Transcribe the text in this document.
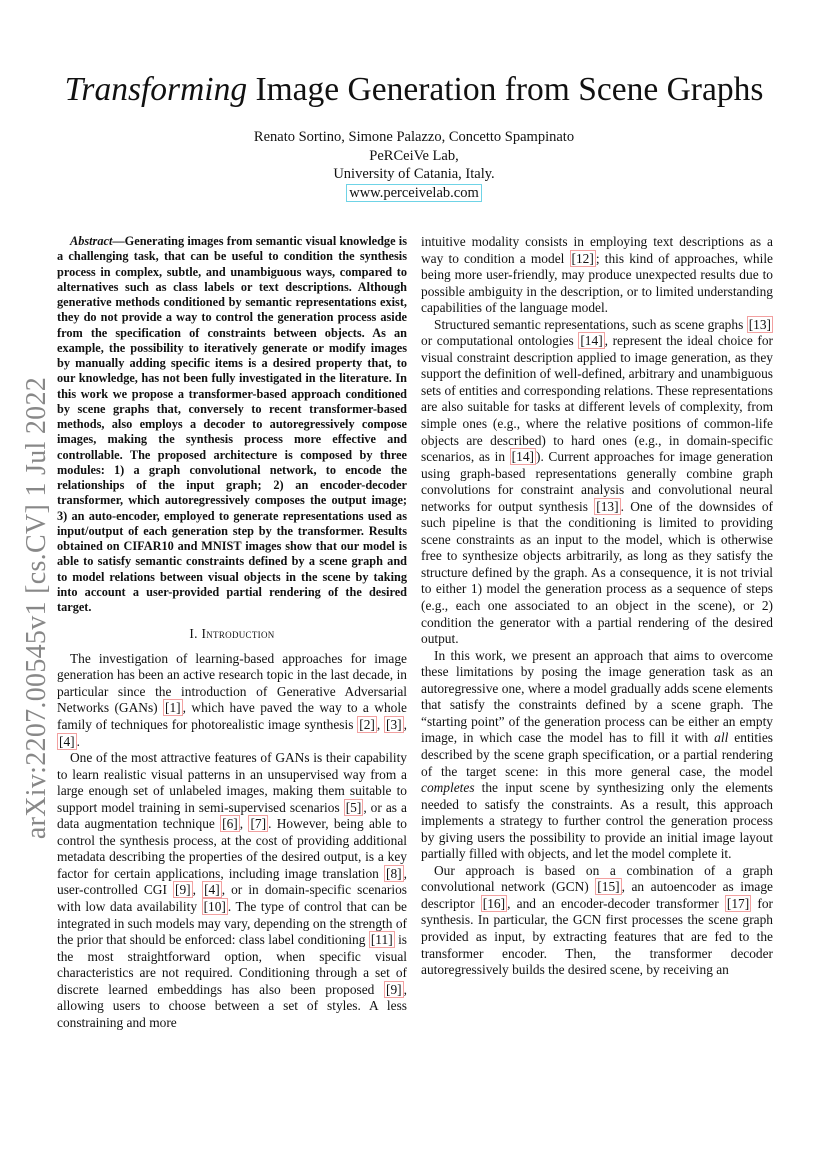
arXiv:2207.00545v1 [cs.CV] 1 Jul 2022
Transforming Image Generation from Scene Graphs
Renato Sortino, Simone Palazzo, Concetto Spampinato
PeRCeiVe Lab,
University of Catania, Italy.
www.perceivelab.com

Abstract—Generating images from semantic visual knowledge is a challenging task, that can be useful to condition the synthesis process in complex, subtle, and unambiguous ways, compared to alternatives such as class labels or text descriptions. Although generative methods conditioned by semantic representations exist, they do not provide a way to control the generation process aside from the specification of constraints between objects. As an example, the possibility to iteratively generate or modify images by manually adding specific items is a desired property that, to our knowledge, has not been fully investigated in the literature. In this work we propose a transformer-based approach conditioned by scene graphs that, conversely to recent transformer-based methods, also employs a decoder to autoregressively compose images, making the synthesis process more effective and controllable. The proposed architecture is composed by three modules: 1) a graph convolutional network, to encode the relationships of the input graph; 2) an encoder-decoder transformer, which autoregressively composes the output image; 3) an auto-encoder, employed to generate representations used as input/output of each generation step by the transformer. Results obtained on CIFAR10 and MNIST images show that our model is able to satisfy semantic constraints defined by a scene graph and to model relations between visual objects in the scene by taking into account a user-provided partial rendering of the desired target.

I. Introduction

The investigation of learning-based approaches for image generation has been an active research topic in the last decade, in particular since the introduction of Generative Adversarial Networks (GANs) [1] , which have paved the way to a whole family of techniques for photorealistic image synthesis [2] , [3] , [4] .

One of the most attractive features of GANs is their capability to learn realistic visual patterns in an unsupervised way from a large enough set of unlabeled images, making them suitable to support model training in semi-supervised scenarios [5] , or as a data augmentation technique [6] , [7] . However, being able to control the synthesis process, at the cost of providing additional metadata describing the properties of the desired output, is a key factor for certain applications, including image translation [8] , user-controlled CGI [9] , [4] , or in domain-specific scenarios with low data availability [10] . The type of control that can be integrated in such models may vary, depending on the strength of the prior that should be enforced: class label conditioning [11] is the most straightforward option, when specific visual characteristics are not required. Conditioning through a set of discrete learned embeddings has also been proposed [9] , allowing users to choose between a set of styles. A less constraining and more

intuitive modality consists in employing text descriptions as a way to condition a model [12] ; this kind of approaches, while being more user-friendly, may produce unexpected results due to possible ambiguity in the description, or to limited understanding capabilities of the language model.

Structured semantic representations, such as scene graphs [13] or computational ontologies [14] , represent the ideal choice for visual constraint description applied to image generation, as they support the definition of well-defined, arbitrary and unambiguous sets of entities and corresponding relations. These representations are also suitable for tasks at different levels of complexity, from simple ones (e.g., where the relative positions of common-life objects are described) to hard ones (e.g., in domain-specific scenarios, as in [14] ). Current approaches for image generation using graph-based representations generally combine graph convolutions for constraint analysis and convolutional neural networks for output synthesis [13] . One of the downsides of such pipeline is that the conditioning is limited to providing scene constraints as an input to the model, which is otherwise free to synthesize objects arbitrarily, as long as they satisfy the structure defined by the graph. As a consequence, it is not trivial to either 1) model the generation process as a sequence of steps (e.g., each one associated to an object in the scene), or 2) condition the generator with a partial rendering of the desired output.

In this work, we present an approach that aims to overcome these limitations by posing the image generation task as an autoregressive one, where a model gradually adds scene elements that satisfy the constraints defined by a scene graph. The “starting point” of the generation process can be either an empty image, in which case the model has to fill it with all entities described by the scene graph specification, or a partial rendering of the target scene: in this more general case, the model completes the input scene by synthesizing only the elements needed to satisfy the constraints. As a result, this approach implements a strategy to further control the generation process by giving users the possibility to provide an initial image layout partially filled with objects, and let the model complete it.

Our approach is based on a combination of a graph convolutional network (GCN) [15] , an autoencoder as image descriptor [16] , and an encoder-decoder transformer [17] for synthesis. In particular, the GCN first processes the scene graph provided as input, by extracting features that are fed to the transformer encoder. Then, the transformer decoder autoregressively builds the desired scene, by receiving an
